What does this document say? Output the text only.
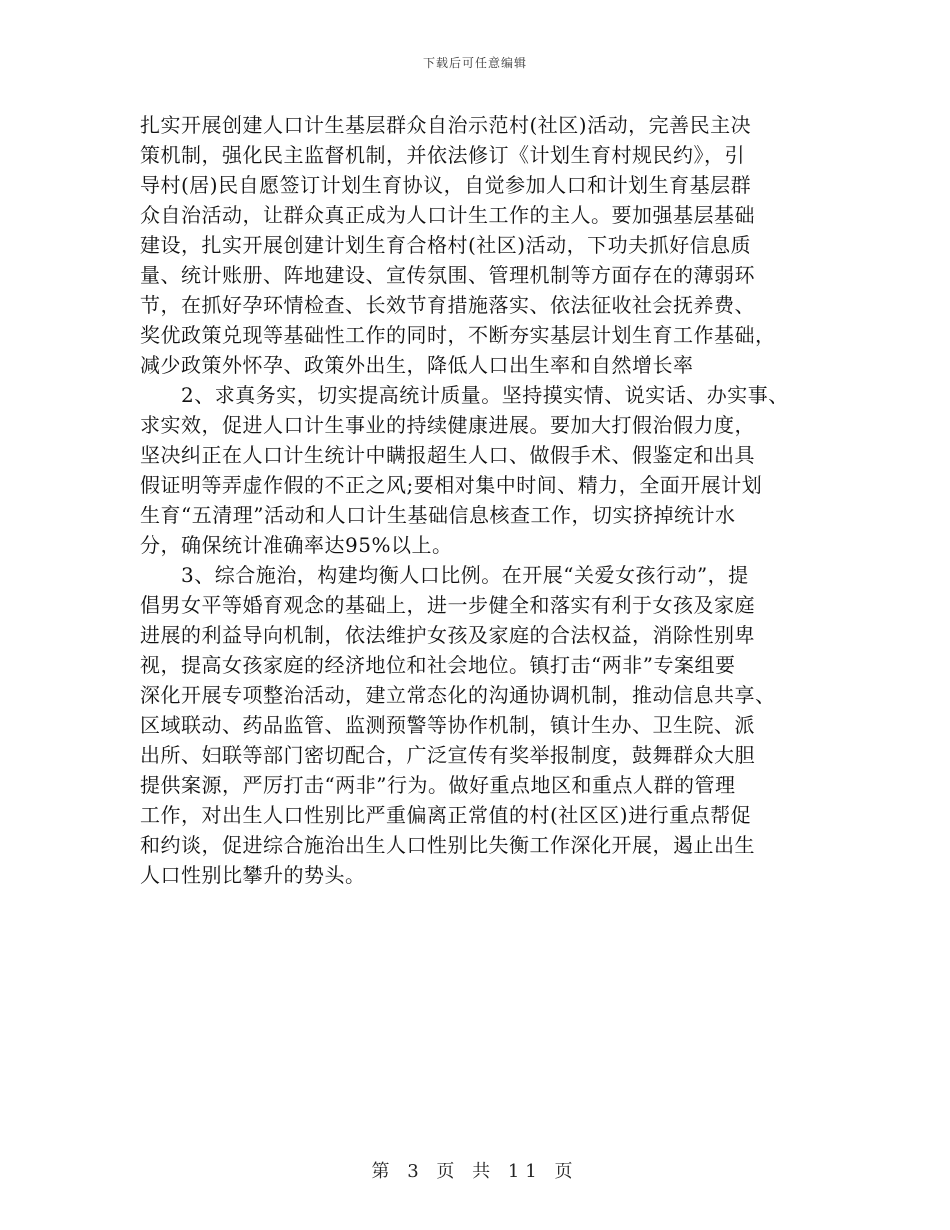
下载后可任意编辑
扎实开展创建人口计生基层群众自治示范村(社区)活动，完善民主决
策机制，强化民主监督机制，并依法修订《计划生育村规民约》，引
导村(居)民自愿签订计划生育协议，自觉参加人口和计划生育基层群
众自治活动，让群众真正成为人口计生工作的主人。要加强基层基础
建设，扎实开展创建计划生育合格村(社区)活动，下功夫抓好信息质
量、统计账册、阵地建设、宣传氛围、管理机制等方面存在的薄弱环
节，在抓好孕环情检查、长效节育措施落实、依法征收社会抚养费、
奖优政策兑现等基础性工作的同时，不断夯实基层计划生育工作基础，
减少政策外怀孕、政策外出生，降低人口出生率和自然增长率
　　2、求真务实，切实提高统计质量。坚持摸实情、说实话、办实事、
求实效，促进人口计生事业的持续健康进展。要加大打假治假力度，
坚决纠正在人口计生统计中瞒报超生人口、做假手术、假鉴定和出具
假证明等弄虚作假的不正之风;要相对集中时间、精力，全面开展计划
生育“五清理”活动和人口计生基础信息核查工作，切实挤掉统计水
分，确保统计准确率达95%以上。
　　3、综合施治，构建均衡人口比例。在开展“关爱女孩行动”，提
倡男女平等婚育观念的基础上，进一步健全和落实有利于女孩及家庭
进展的利益导向机制，依法维护女孩及家庭的合法权益，消除性别卑
视，提高女孩家庭的经济地位和社会地位。镇打击“两非”专案组要
深化开展专项整治活动，建立常态化的沟通协调机制，推动信息共享、
区域联动、药品监管、监测预警等协作机制，镇计生办、卫生院、派
出所、妇联等部门密切配合，广泛宣传有奖举报制度，鼓舞群众大胆
提供案源，严厉打击“两非”行为。做好重点地区和重点人群的管理
工作，对出生人口性别比严重偏离正常值的村(社区区)进行重点帮促
和约谈，促进综合施治出生人口性别比失衡工作深化开展，遏止出生
人口性别比攀升的势头。
第 3 页 共 11 页
